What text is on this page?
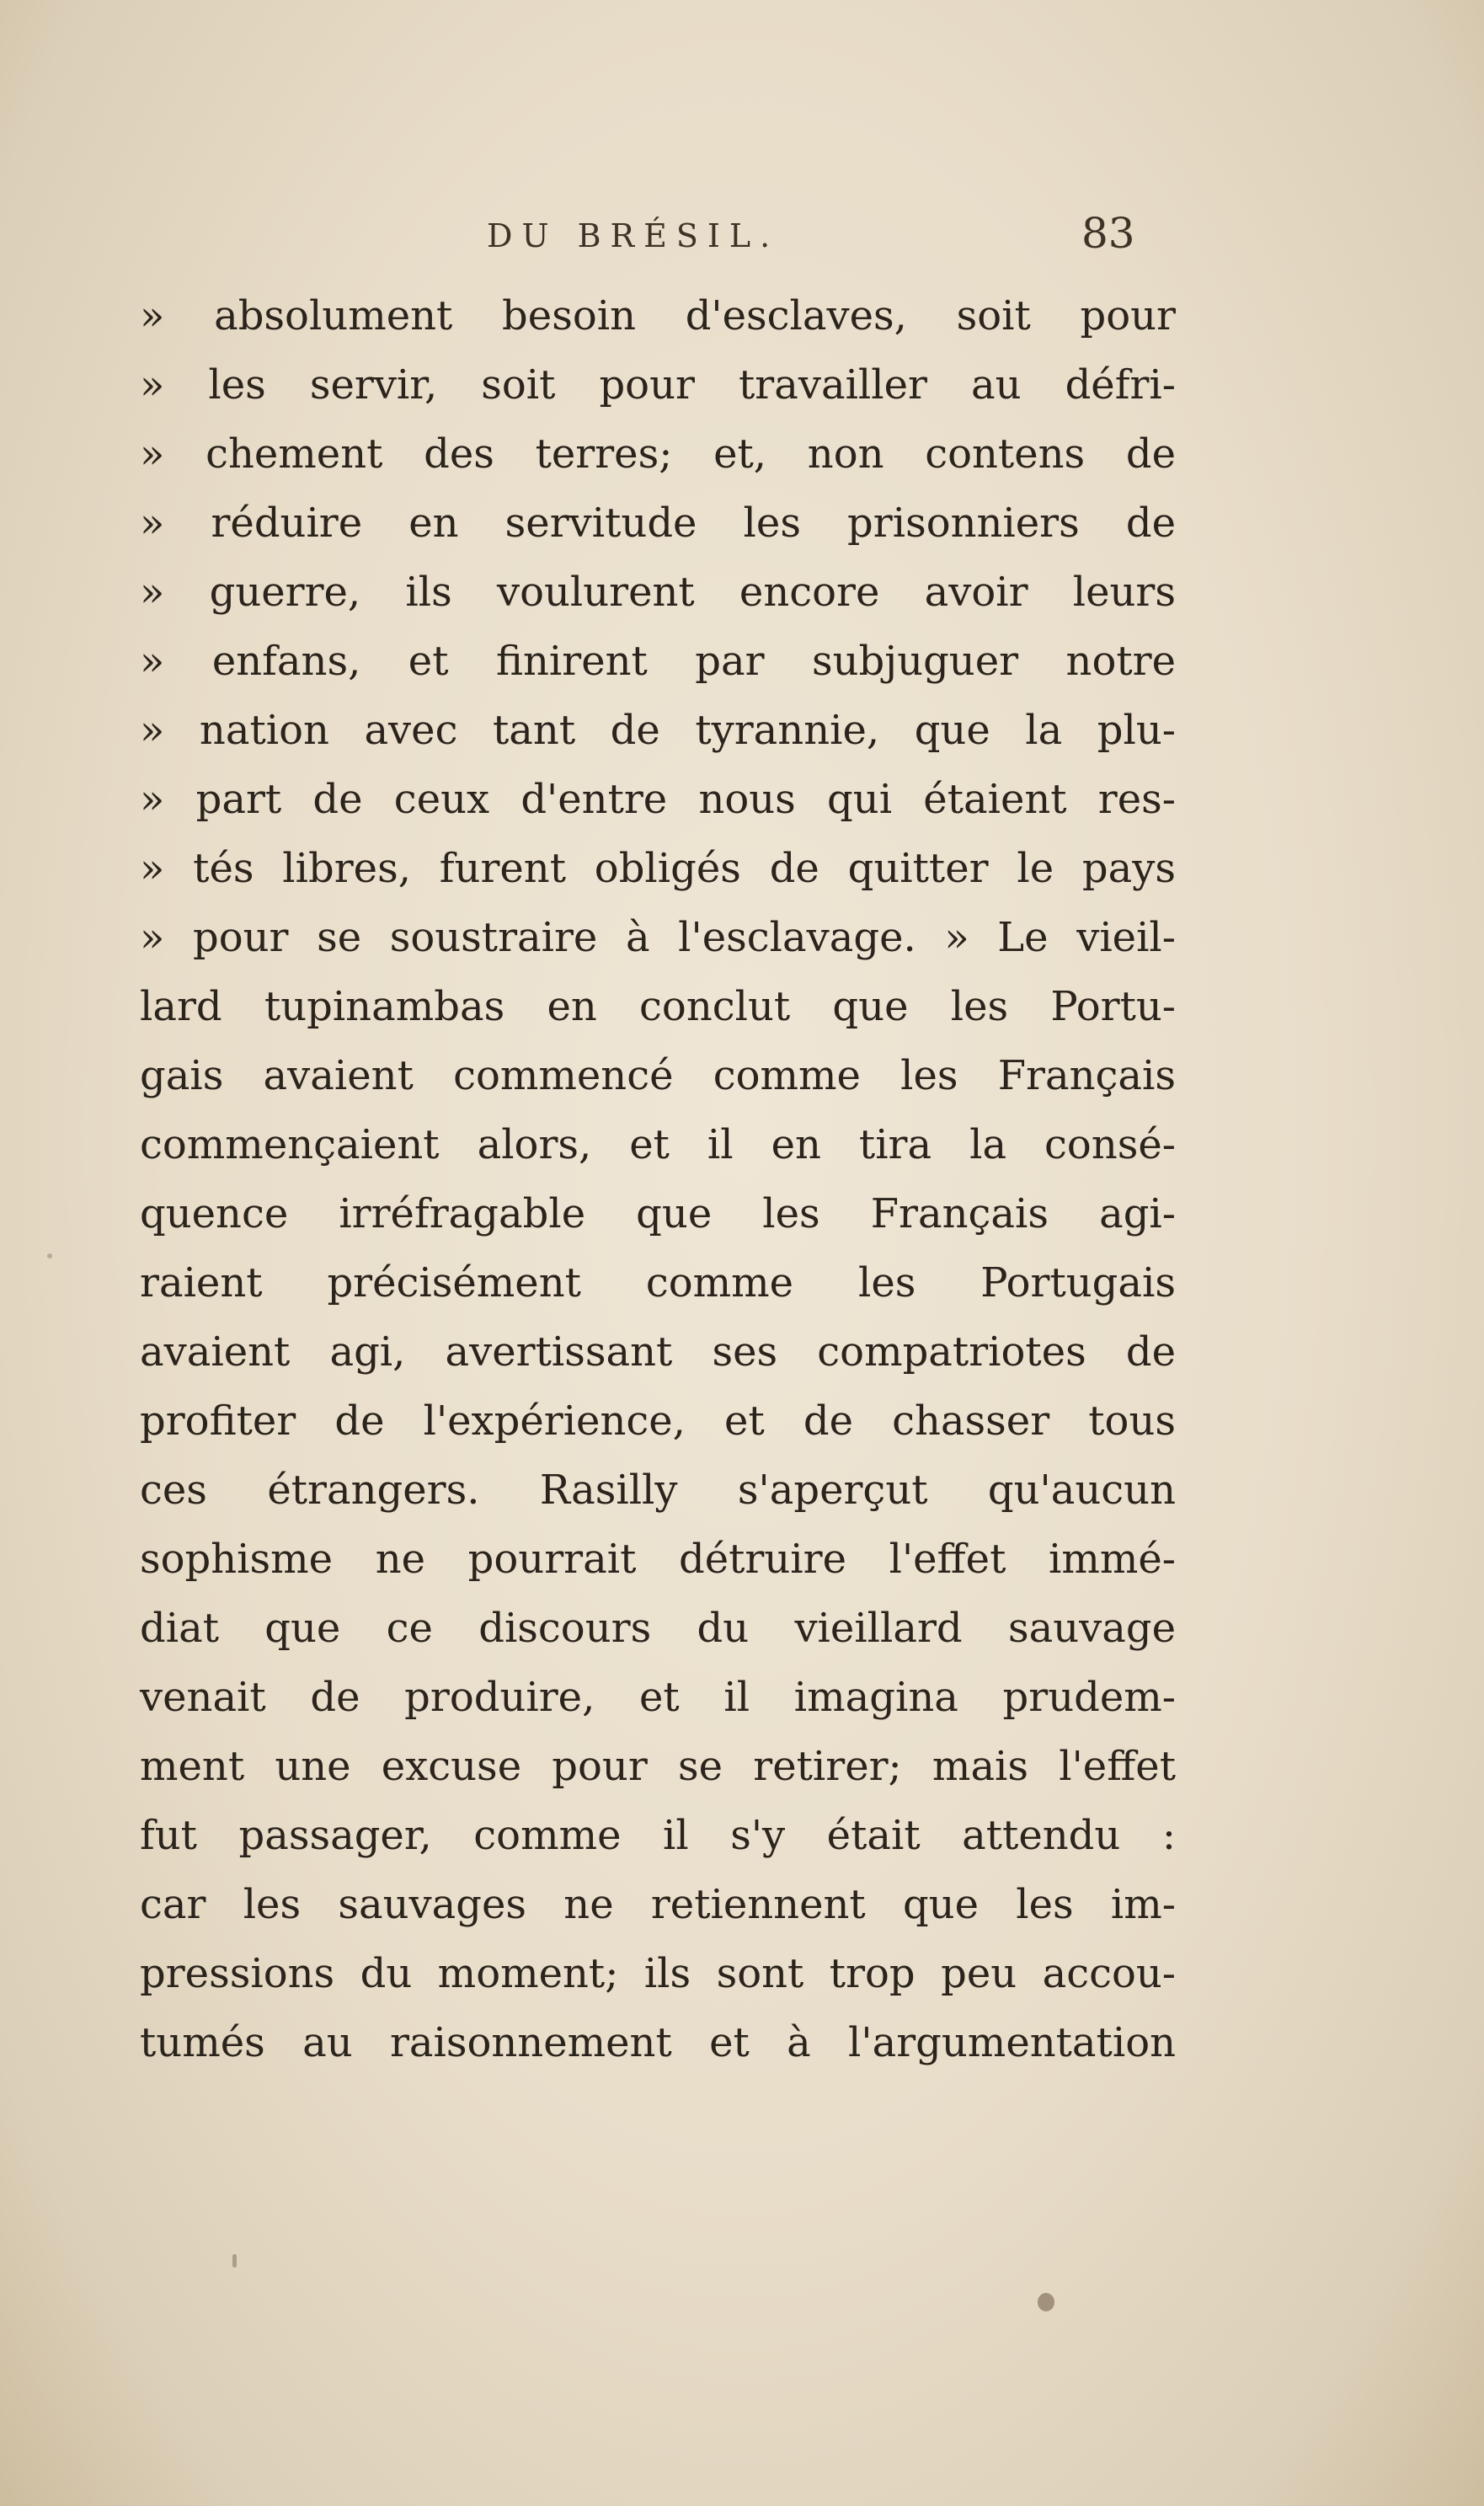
DU BRÉSIL.	83
» absolument besoin d'esclaves, soit pour
» les servir, soit pour travailler au défri-
» chement des terres; et, non contens de
» réduire en servitude les prisonniers de
» guerre, ils voulurent encore avoir leurs
» enfans, et finirent par subjuguer notre
» nation avec tant de tyrannie, que la plu-
» part de ceux d'entre nous qui étaient res-
» tés libres, furent obligés de quitter le pays
» pour se soustraire à l'esclavage. » Le vieil-
lard tupinambas en conclut que les Portu-
gais avaient commencé comme les Français
commençaient alors, et il en tira la consé-
quence irréfragable que les Français agi-
raient précisément comme les Portugais
avaient agi, avertissant ses compatriotes de
profiter de l'expérience, et de chasser tous
ces étrangers. Rasilly s'aperçut qu'aucun
sophisme ne pourrait détruire l'effet immé-
diat que ce discours du vieillard sauvage
venait de produire, et il imagina prudem-
ment une excuse pour se retirer; mais l'effet
fut passager, comme il s'y était attendu :
car les sauvages ne retiennent que les im-
pressions du moment; ils sont trop peu accou-
tumés au raisonnement et à l'argumentation
